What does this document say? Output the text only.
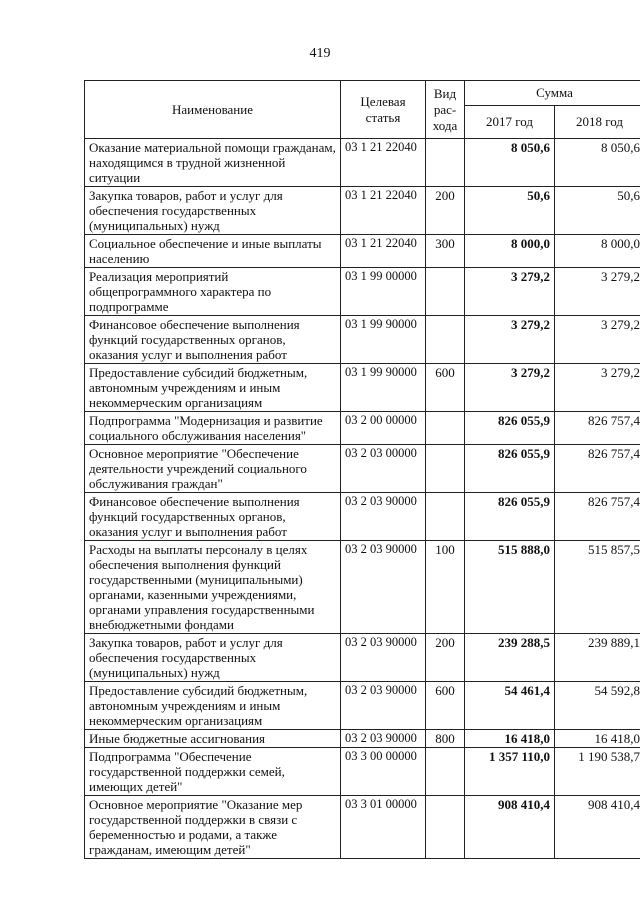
419
Наименование	Целевая статья	Вид рас-хода	Сумма	
			2017 год	2018 год
Оказание материальной помощи гражданам, находящимся в трудной жизненной ситуации	03 1 21 22040		8 050,6	8 050,6
Закупка товаров, работ и услуг для обеспечения государственных (муниципальных) нужд	03 1 21 22040	200	50,6	50,6
Социальное обеспечение и иные выплаты населению	03 1 21 22040	300	8 000,0	8 000,0
Реализация мероприятий общепрограммного характера по подпрограмме	03 1 99 00000		3 279,2	3 279,2
Финансовое обеспечение выполнения функций государственных органов, оказания услуг и выполнения работ	03 1 99 90000		3 279,2	3 279,2
Предоставление субсидий бюджетным, автономным учреждениям и иным некоммерческим организациям	03 1 99 90000	600	3 279,2	3 279,2
Подпрограмма "Модернизация и развитие социального обслуживания населения"	03 2 00 00000		826 055,9	826 757,4
Основное мероприятие "Обеспечение деятельности учреждений социального обслуживания граждан"	03 2 03 00000		826 055,9	826 757,4
Финансовое обеспечение выполнения функций государственных органов, оказания услуг и выполнения работ	03 2 03 90000		826 055,9	826 757,4
Расходы на выплаты персоналу в целях обеспечения выполнения функций государственными (муниципальными) органами, казенными учреждениями, органами управления государственными внебюджетными фондами	03 2 03 90000	100	515 888,0	515 857,5
Закупка товаров, работ и услуг для обеспечения государственных (муниципальных) нужд	03 2 03 90000	200	239 288,5	239 889,1
Предоставление субсидий бюджетным, автономным учреждениям и иным некоммерческим организациям	03 2 03 90000	600	54 461,4	54 592,8
Иные бюджетные ассигнования	03 2 03 90000	800	16 418,0	16 418,0
Подпрограмма "Обеспечение государственной поддержки семей, имеющих детей"	03 3 00 00000		1 357 110,0	1 190 538,7
Основное мероприятие "Оказание мер государственной поддержки в связи с беременностью и родами, а также гражданам, имеющим детей"	03 3 01 00000		908 410,4	908 410,4
